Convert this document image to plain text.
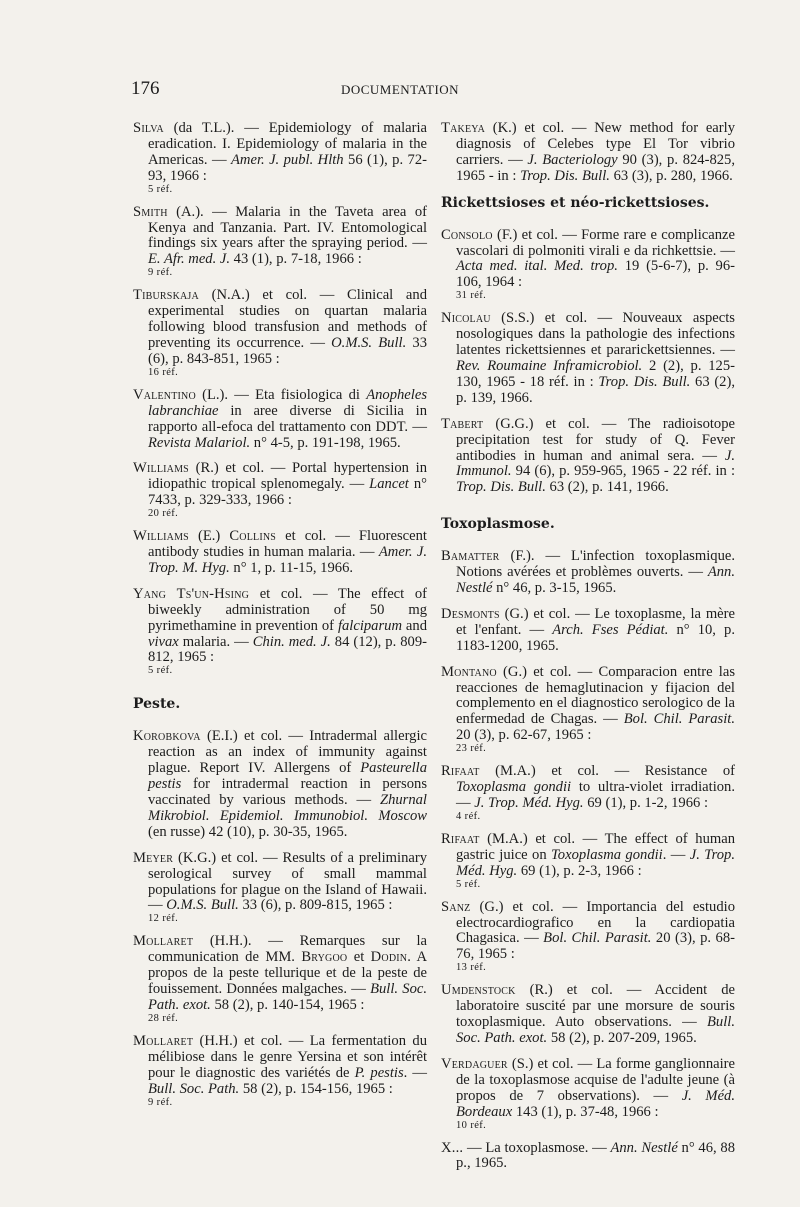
176	DOCUMENTATION
Silva (da T.L.). — Epidemiology of malaria eradication. I. Epidemiology of malaria in the Americas. — Amer. J. publ. Hlth 56 (1), p. 72-93, 1966 :
5 réf.
Smith (A.). — Malaria in the Taveta area of Kenya and Tanzania. Part. IV. Entomological findings six years after the spraying period. — E. Afr. med. J. 43 (1), p. 7-18, 1966 :
9 réf.
Tiburskaja (N.A.) et col. — Clinical and experimental studies on quartan malaria following blood transfusion and methods of preventing its occurrence. — O.M.S. Bull. 33 (6), p. 843-851, 1965 :
16 réf.
Valentino (L.). — Eta fisiologica di Anopheles labranchiae in aree diverse di Sicilia in rapporto all-efoca del trattamento con DDT. — Revista Malariol. n° 4-5, p. 191-198, 1965.
Williams (R.) et col. — Portal hypertension in idiopathic tropical splenomegaly. — Lancet n° 7433, p. 329-333, 1966 :
20 réf.
Williams (E.) Collins et col. — Fluorescent antibody studies in human malaria. — Amer. J. Trop. M. Hyg. n° 1, p. 11-15, 1966.
Yang Ts'un-Hsing et col. — The effect of biweekly administration of 50 mg pyrimethamine in prevention of falciparum and vivax malaria. — Chin. med. J. 84 (12), p. 809-812, 1965 :
5 réf.
Peste.
Korobkova (E.I.) et col. — Intradermal allergic reaction as an index of immunity against plague. Report IV. Allergens of Pasteurella pestis for intradermal reaction in persons vaccinated by various methods. — Zhurnal Mikrobiol. Epidemiol. Immunobiol. Moscow (en russe) 42 (10), p. 30-35, 1965.
Meyer (K.G.) et col. — Results of a preliminary serological survey of small mammal populations for plague on the Island of Hawaii. — O.M.S. Bull. 33 (6), p. 809-815, 1965 :
12 réf.
Mollaret (H.H.). — Remarques sur la communication de MM. Brygoo et Dodin. A propos de la peste tellurique et de la peste de fouissement. Données malgaches. — Bull. Soc. Path. exot. 58 (2), p. 140-154, 1965 :
28 réf.
Mollaret (H.H.) et col. — La fermentation du mélibiose dans le genre Yersina et son intérêt pour le diagnostic des variétés de P. pestis. — Bull. Soc. Path. 58 (2), p. 154-156, 1965 :
9 réf.
Takeya (K.) et col. — New method for early diagnosis of Celebes type El Tor vibrio carriers. — J. Bacteriology 90 (3), p. 824-825, 1965 - in : Trop. Dis. Bull. 63 (3), p. 280, 1966.
Rickettsioses et néo-rickettsioses.
Consolo (F.) et col. — Forme rare e complicanze vascolari di polmoniti virali e da richkettsie. — Acta med. ital. Med. trop. 19 (5-6-7), p. 96-106, 1964 :
31 réf.
Nicolau (S.S.) et col. — Nouveaux aspects nosologiques dans la pathologie des infections latentes rickettsiennes et pararickettsiennes. — Rev. Roumaine Inframicrobiol. 2 (2), p. 125-130, 1965 - 18 réf. in : Trop. Dis. Bull. 63 (2), p. 139, 1966.
Tabert (G.G.) et col. — The radioisotope precipitation test for study of Q. Fever antibodies in human and animal sera. — J. Immunol. 94 (6), p. 959-965, 1965 - 22 réf. in : Trop. Dis. Bull. 63 (2), p. 141, 1966.
Toxoplasmose.
Bamatter (F.). — L'infection toxoplasmique. Notions avérées et problèmes ouverts. — Ann. Nestlé n° 46, p. 3-15, 1965.
Desmonts (G.) et col. — Le toxoplasme, la mère et l'enfant. — Arch. Fses Pédiat. n° 10, p. 1183-1200, 1965.
Montano (G.) et col. — Comparacion entre las reacciones de hemaglutinacion y fijacion del complemento en el diagnostico serologico de la enfermedad de Chagas. — Bol. Chil. Parasit. 20 (3), p. 62-67, 1965 :
23 réf.
Rifaat (M.A.) et col. — Resistance of Toxoplasma gondii to ultra-violet irradiation. — J. Trop. Méd. Hyg. 69 (1), p. 1-2, 1966 :
4 réf.
Rifaat (M.A.) et col. — The effect of human gastric juice on Toxoplasma gondii. — J. Trop. Méd. Hyg. 69 (1), p. 2-3, 1966 :
5 réf.
Sanz (G.) et col. — Importancia del estudio electrocardiografico en la cardiopatia Chagasica. — Bol. Chil. Parasit. 20 (3), p. 68-76, 1965 :
13 réf.
Umdenstock (R.) et col. — Accident de laboratoire suscité par une morsure de souris toxoplasmique. Auto observations. — Bull. Soc. Path. exot. 58 (2), p. 207-209, 1965.
Verdaguer (S.) et col. — La forme ganglionnaire de la toxoplasmose acquise de l'adulte jeune (à propos de 7 observations). — J. Méd. Bordeaux 143 (1), p. 37-48, 1966 :
10 réf.
X... — La toxoplasmose. — Ann. Nestlé n° 46, 88 p., 1965.
